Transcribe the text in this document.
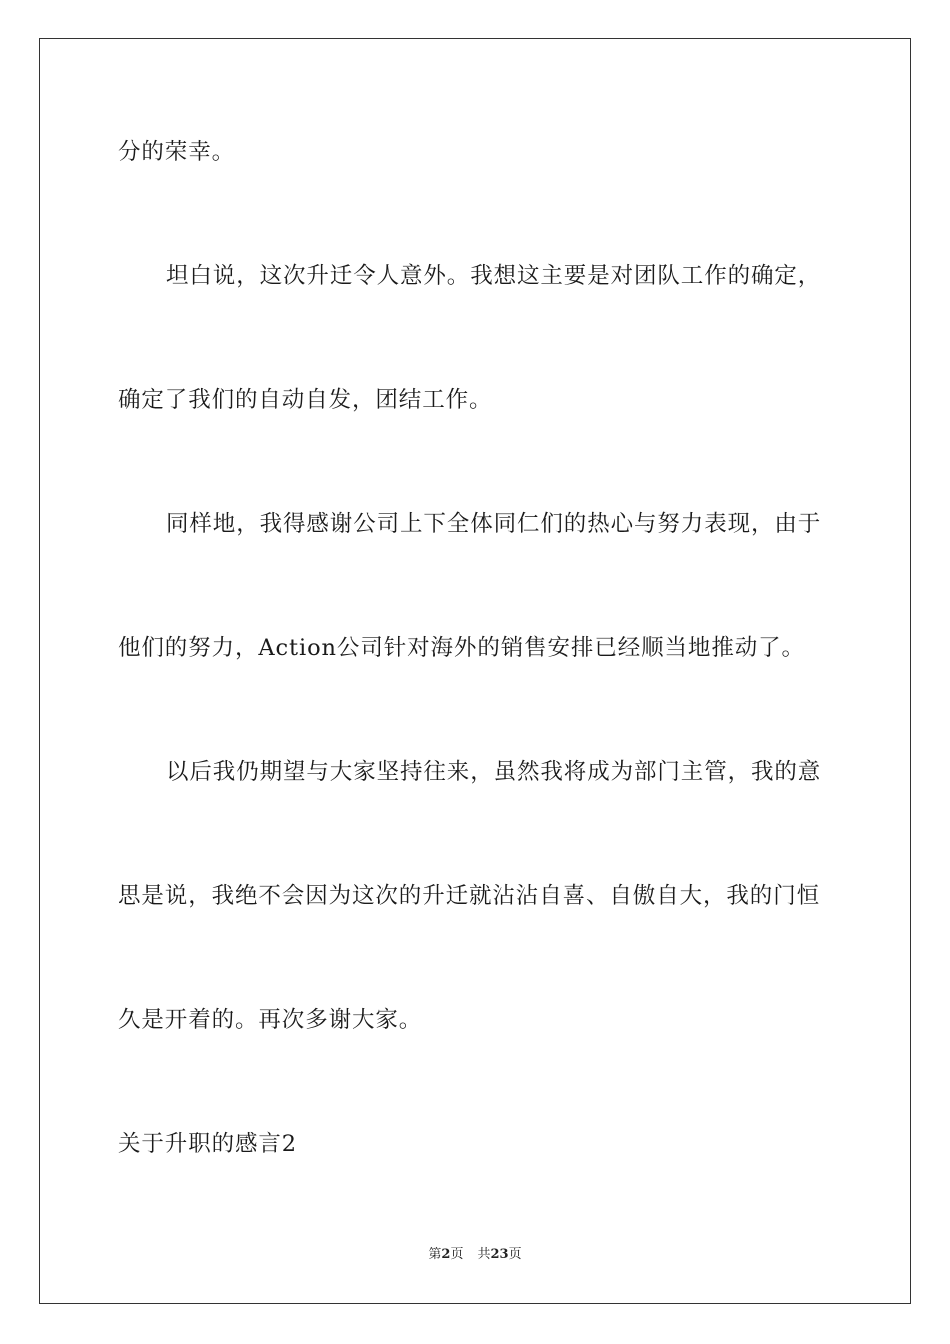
分的荣幸。
坦白说，这次升迁令人意外。我想这主要是对团队工作的确定，
确定了我们的自动自发，团结工作。
同样地，我得感谢公司上下全体同仁们的热心与努力表现，由于
他们的努力，Action公司针对海外的销售安排已经顺当地推动了。
以后我仍期望与大家坚持往来，虽然我将成为部门主管，我的意
思是说，我绝不会因为这次的升迁就沾沾自喜、自傲自大，我的门恒
久是开着的。再次多谢大家。
关于升职的感言2
第2页 共23页
